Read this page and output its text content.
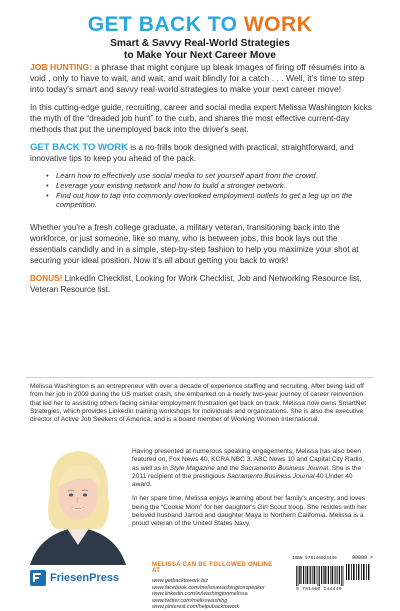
GET BACK TO WORK
Smart & Savvy Real-World Strategies
to Make Your Next Career Move

JOB HUNTING: a phrase that might conjure up bleak images of firing off résumés into a void , only to have to wait, and wait, and wait blindly for a catch . . . Well, it's time to step into today's smart and savvy real-world strategies to make your next career move!

In this cutting-edge guide, recruiting, career and social media expert Melissa Washington kicks the myth of the “dreaded job hunt” to the curb, and shares the most effective current-day methods that put the unemployed back into the driver's seat.

GET BACK TO WORK is a no-frills book designed with practical, straightforward, and innovative tips to keep you ahead of the pack.

• Learn how to effectively use social media to set yourself apart from the crowd.
• Leverage your existing network and how to build a stronger network.
• Find out how to tap into commonly overlooked employment outlets to get a leg up on the competition.

Whether you're a fresh college graduate, a military veteran, transitioning back into the workforce, or just someone, like so many, who is between jobs, this book lays out the essentials candidly and in a simple, step-by-step fashion to help you maximize your shot at securing your ideal position. Now it's all about getting you back to work!

BONUS! LinkedIn Checklist, Looking for Work Checklist, Job and Networking Resource list, Veteran Resource list.

Melissa Washington is an entrepreneur with over a decade of experience staffing and recruiting. After being laid off from her job in 2009 during the US market crash, she embarked on a nearly two-year journey of career reinvention that led her to assisting others facing similar employment frustration get back on track. Melissa now owns SmartNet Strategies, which provides LinkedIn training workshops for individuals and organizations. She is also the executive director of Active Job Seekers of America, and is a board member of Working Women International.

Having presented at numerous speaking engagements, Melissa has also been featured on, Fox News 40, KCRA NBC 3, ABC News 10 and Capital City Radio, as well as in Style Magazine and the Sacramento Business Journal. She is the 2011 recipient of the prestigious Sacramento Business Journal 40 Under 40 award.

In her spare time, Melissa enjoys learning about her family's ancestry, and loves being the “Cookie Mom” for her daughter's Girl Scout troop. She resides with her beloved husband Jarrod and daughter Maya in Northern California. Melissa is a proud veteran of the United States Navy.

MELISSA CAN BE FOLLOWED ONLINE AT
www.getbacktowork.biz
www.facebook.com/melissawashingtonspeaker
www.linkedin.com/in/washingtonmelissa
www.twitter.com/melisswashing
www.pinterest.com/helpubacktowork
ISBN 978146024449	90000 >
9 781460 244449
FriesenPress
